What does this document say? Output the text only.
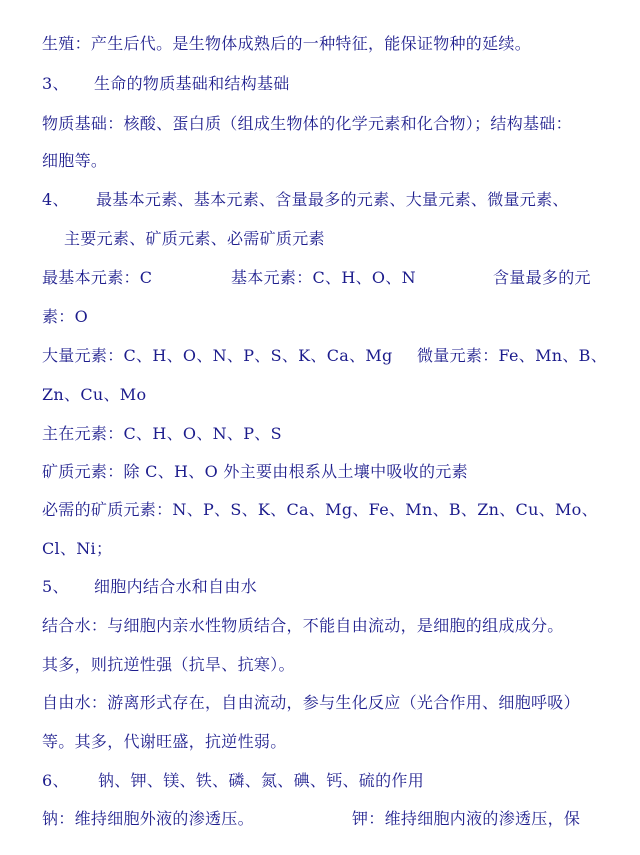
生殖：产生后代。是生物体成熟后的一种特征，能保证物种的延续。
3、 生命的物质基础和结构基础
物质基础：核酸、蛋白质（组成生物体的化学元素和化合物）；结构基础：
细胞等。
4、 最基本元素、基本元素、含量最多的元素、大量元素、微量元素、
主要元素、矿质元素、必需矿质元素
最基本元素：C	基本元素：C、H、O、N	含量最多的元
素：O
大量元素：C、H、O、N、P、S、K、Ca、Mg 微量元素：Fe、Mn、B、
Zn、Cu、Mo
主在元素：C、H、O、N、P、S
矿质元素：除 C、H、O 外主要由根系从土壤中吸收的元素
必需的矿质元素：N、P、S、K、Ca、Mg、Fe、Mn、B、Zn、Cu、Mo、
Cl、Ni；
5、 细胞内结合水和自由水
结合水：与细胞内亲水性物质结合，不能自由流动，是细胞的组成成分。
其多，则抗逆性强（抗旱、抗寒）。
自由水：游离形式存在，自由流动，参与生化反应（光合作用、细胞呼吸）
等。其多，代谢旺盛，抗逆性弱。
6、 钠、钾、镁、铁、磷、氮、碘、钙、硫的作用
钠：维持细胞外液的渗透压。	钾：维持细胞内液的渗透压，保
